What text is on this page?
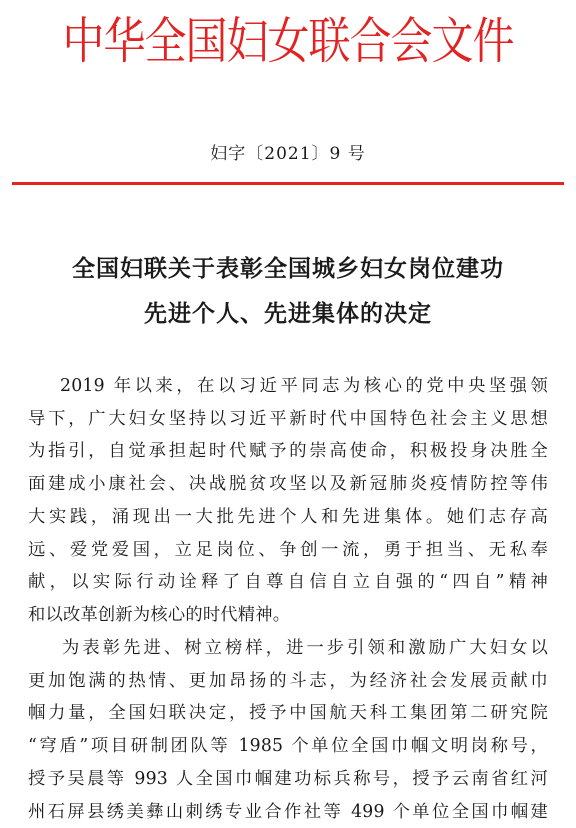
中华全国妇女联合会文件
妇字〔2021〕9 号
全国妇联关于表彰全国城乡妇女岗位建功
先进个人、先进集体的决定
2019 年以来，在以习近平同志为核心的党中央坚强领
导下，广大妇女坚持以习近平新时代中国特色社会主义思想
为指引，自觉承担起时代赋予的崇高使命，积极投身决胜全
面建成小康社会、决战脱贫攻坚以及新冠肺炎疫情防控等伟
大实践，涌现出一大批先进个人和先进集体。她们志存高
远、爱党爱国，立足岗位、争创一流，勇于担当、无私奉
献，以实际行动诠释了自尊自信自立自强的“四自”精神
和以改革创新为核心的时代精神。
为表彰先进、树立榜样，进一步引领和激励广大妇女以
更加饱满的热情、更加昂扬的斗志，为经济社会发展贡献巾
帼力量，全国妇联决定，授予中国航天科工集团第二研究院
“穹盾”项目研制团队等 1985 个单位全国巾帼文明岗称号，
授予吴晨等 993 人全国巾帼建功标兵称号，授予云南省红河
州石屏县绣美彝山刺绣专业合作社等 499 个单位全国巾帼建
